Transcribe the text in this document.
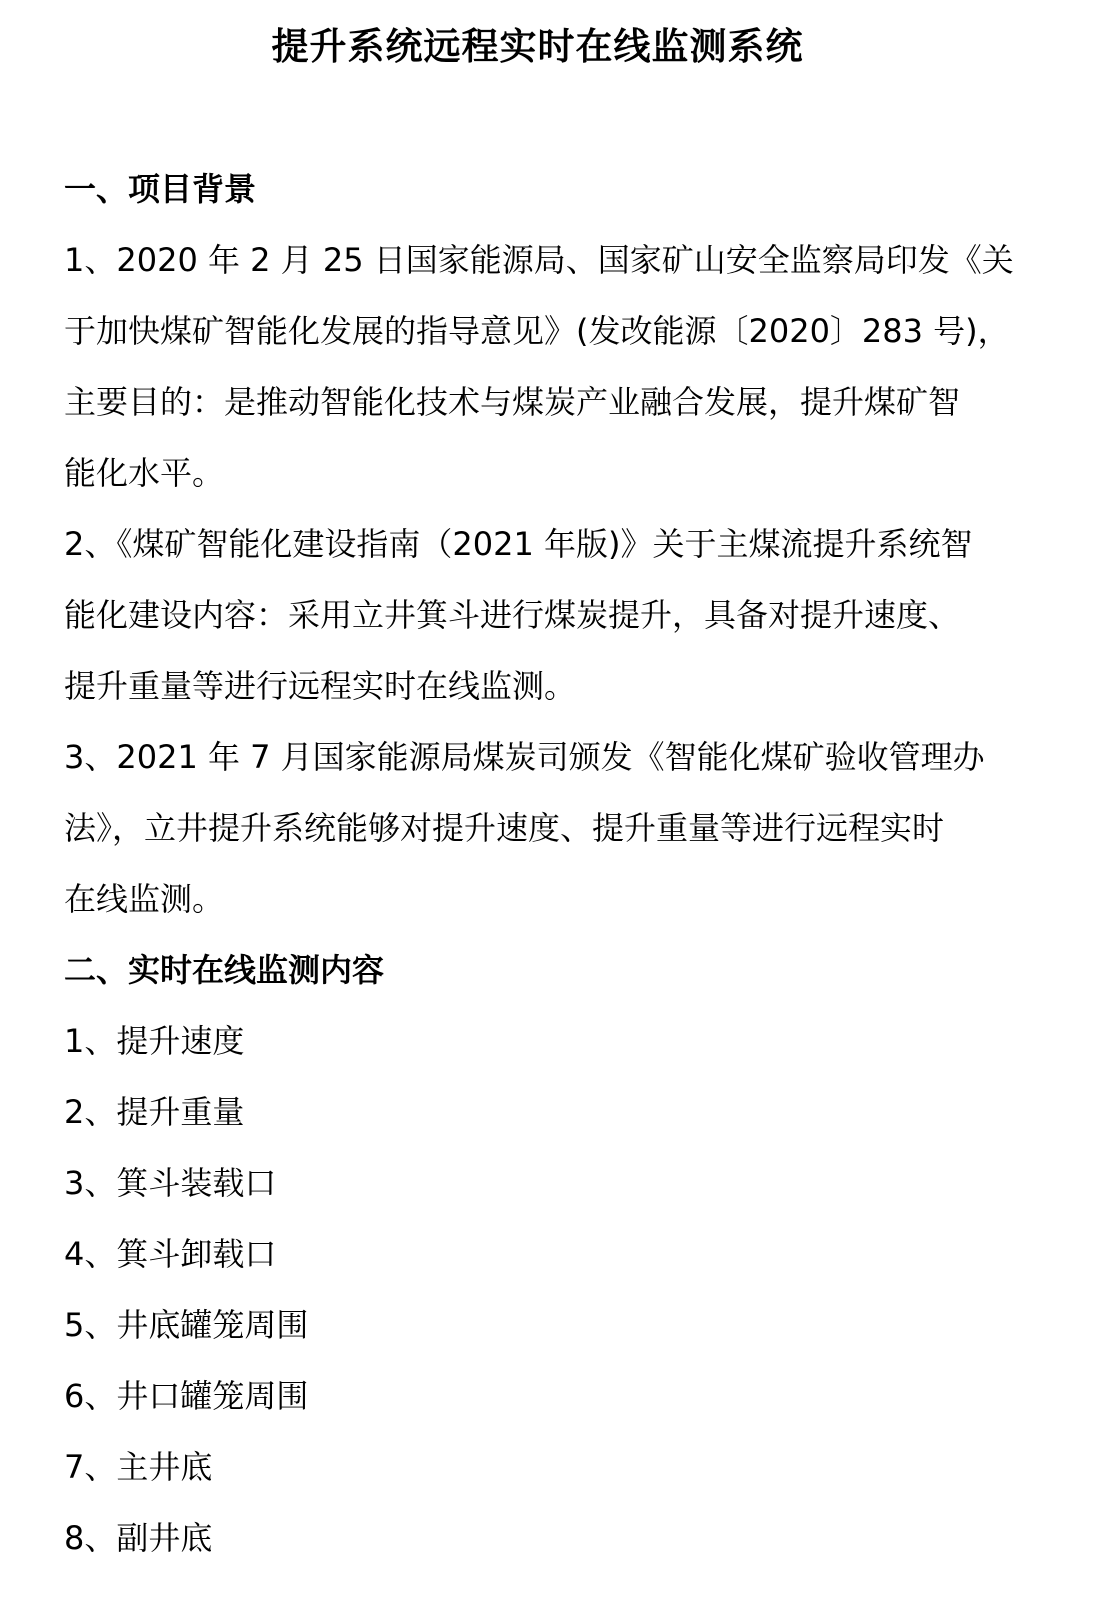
提升系统远程实时在线监测系统
一、项目背景
1、2020 年 2 月 25 日国家能源局、国家矿山安全监察局印发《关
于加快煤矿智能化发展的指导意见》(发改能源〔2020〕283 号)，
主要目的：是推动智能化技术与煤炭产业融合发展，提升煤矿智
能化水平。
2、《煤矿智能化建设指南（2021 年版)》关于主煤流提升系统智
能化建设内容：采用立井箕斗进行煤炭提升，具备对提升速度、
提升重量等进行远程实时在线监测。
3、2021 年 7 月国家能源局煤炭司颁发《智能化煤矿验收管理办
法》，立井提升系统能够对提升速度、提升重量等进行远程实时
在线监测。
二、实时在线监测内容
1、提升速度
2、提升重量
3、箕斗装载口
4、箕斗卸载口
5、井底罐笼周围
6、井口罐笼周围
7、主井底
8、副井底
